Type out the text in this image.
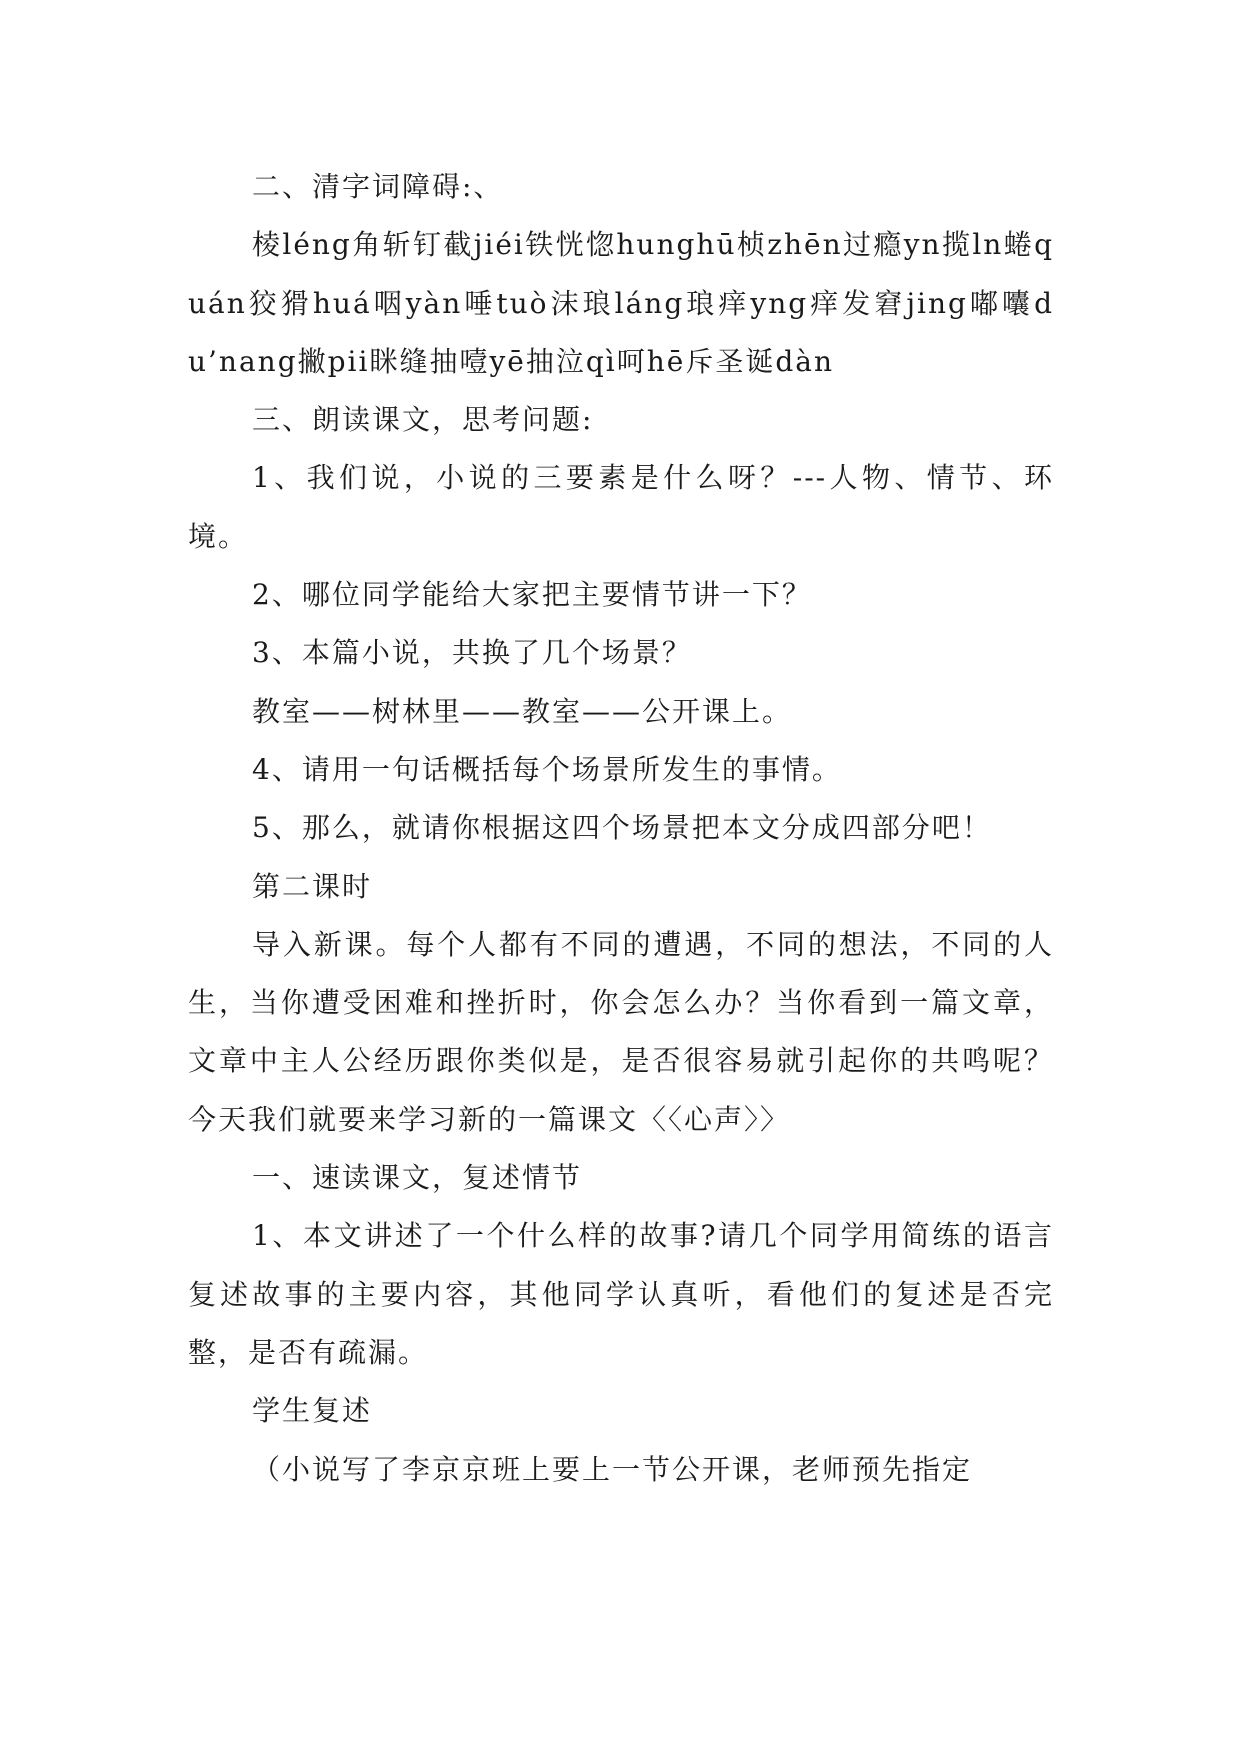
二、清字词障碍:、

棱léng角斩钉截jiéi铁恍惚hunghū桢zhēn过瘾yn揽ln蜷quán狡猾huá咽yàn唾tuò沫琅láng琅痒yng痒发窘jing嘟囔du’nang撇pii眯缝抽噎yē抽泣qì呵hē斥圣诞dàn

三、朗读课文，思考问题:

1、我们说，小说的三要素是什么呀？---人物、情节、环境。

2、哪位同学能给大家把主要情节讲一下？

3、本篇小说，共换了几个场景？

教室——树林里——教室——公开课上。

4、请用一句话概括每个场景所发生的事情。

5、那么，就请你根据这四个场景把本文分成四部分吧！

第二课时

导入新课。每个人都有不同的遭遇，不同的想法，不同的人生，当你遭受困难和挫折时，你会怎么办？当你看到一篇文章，文章中主人公经历跟你类似是，是否很容易就引起你的共鸣呢？今天我们就要来学习新的一篇课文〈〈心声〉〉

一、速读课文，复述情节

1、本文讲述了一个什么样的故事?请几个同学用简练的语言复述故事的主要内容，其他同学认真听，看他们的复述是否完整，是否有疏漏。

学生复述

（小说写了李京京班上要上一节公开课，老师预先指定
